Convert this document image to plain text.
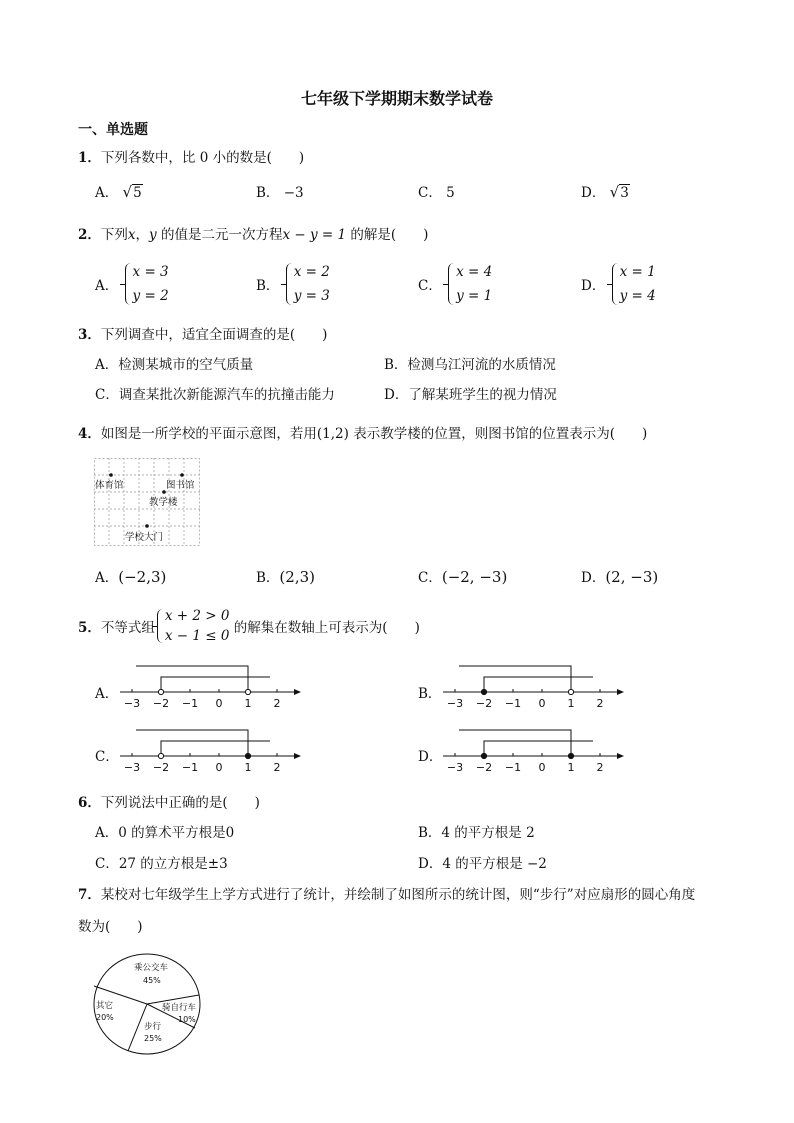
七年级下学期期末数学试卷
一、单选题
1．下列各数中，比 0 小的数是(　　)
A． √5	B． −3	C． 5	D． √3
2．下列x，y 的值是二元一次方程x − y = 1 的解是(　　)
A．
x = 3
y = 2
B．
x = 2
y = 3
C．
x = 4
y = 1
D．
x = 1
y = 4
3．下列调查中，适宜全面调查的是(　　)
A．检测某城市的空气质量	B．检测乌江河流的水质情况
C．调查某批次新能源汽车的抗撞击能力	D．了解某班学生的视力情况
4．如图是一所学校的平面示意图，若用(1,2) 表示教学楼的位置，则图书馆的位置表示为(　　)
体育馆	图书馆
教学楼
学校大门
A．(−2,3)	B．(2,3)	C．(−2, −3)	D．(2, −3)
5．不等式组
x + 2 > 0
x − 1 ≤ 0 的解集在数轴上可表示为(　　)
A．	B．
C．	D．
−3 −2 −1 0 1 2	−3 −2 −1 0 1 2
−3 −2 −1 0 1 2	−3 −2 −1 0 1 2
6．下列说法中正确的是(　　)
A．0 的算术平方根是0	B．4 的平方根是 2
C．27 的立方根是±3	D．4 的平方根是 −2
7．某校对七年级学生上学方式进行了统计，并绘制了如图所示的统计图，则“步行”对应扇形的圆心角度
数为(　　)
乘公交车
45%
其它
20%
骑自行车
10%
步行
25%
